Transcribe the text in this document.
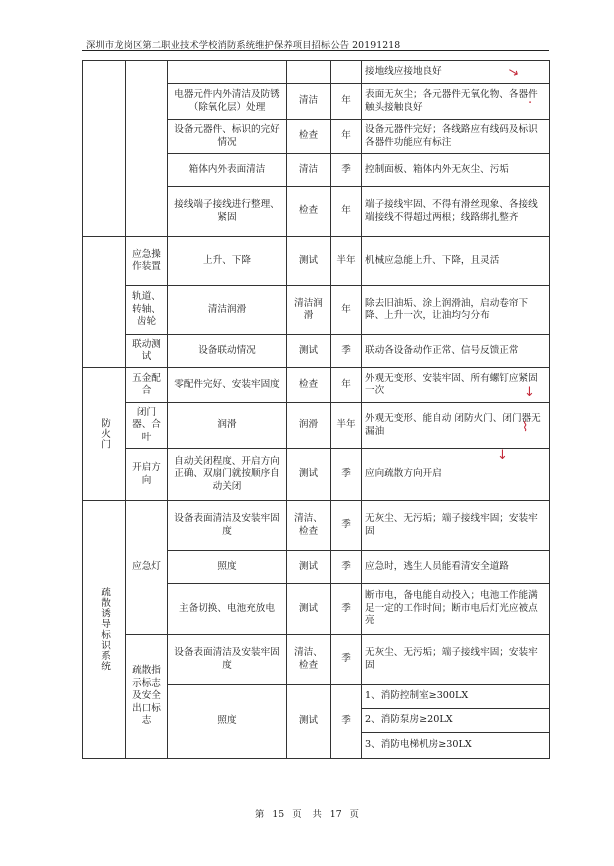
深圳市龙岗区第二职业技术学校消防系统维护保养项目招标公告 20191218
					接地线应接地良好
		电器元件内外清洁及防锈（除氧化层）处理	清洁	年	表面无灰尘；各元器件无氧化物、各器件触头接触良好
		设备元器件、标识的完好情况	检查	年	设备元器件完好；各线路应有线码及标识 各器件功能应有标注
		箱体内外表面清洁	清洁	季	控制面板、箱体内外无灰尘、污垢
		接线端子接线进行整理、紧固	检查	年	端子接线牢固、不得有滑丝现象、各接线端接线不得超过两根；线路绑扎整齐
	应急操作装置	上升、下降	测试	半年	机械应急能上升、下降，且灵活
	轨道、转轴、齿轮	清洁润滑	清洁润滑	年	除去旧油垢、涂上润滑油，启动卷帘下降、上升一次，让油均匀分布
	联动测试	设备联动情况	测试	季	联动各设备动作正常、信号反馈正常

防火门	五金配合	零配件完好、安装牢固度	检查	年	外观无变形、安装牢固、所有螺钉应紧固一次
	闭门器、合叶	润滑	润滑	半年	外观无变形、能自动 闭防火门、闭门器无漏油
	开启方向	自动关闭程度、开启方向正确、双扇门就按顺序自动关闭	测试	季	应向疏散方向开启

疏散诱导标识系统	应急灯	设备表面清洁及安装牢固度	清洁、检查	季	无灰尘、无污垢；端子接线牢固；安装牢固
		照度	测试	季	应急时，逃生人员能看清安全道路
		主备切换、电池充放电	测试	季	断市电，备电能自动投入；电池工作能满足一定的工作时间；断市电后灯光应被点亮
	疏散指示标志及安全出口标志	设备表面清洁及安装牢固度	清洁、检查	季	无灰尘、无污垢；端子接线牢固；安装牢固
		照度	测试	季	1、消防控制室≥300LX
					2、消防泵房≥20LX
					3、消防电梯机房≥30LX
↘
·
↓
⌇
↓
第 15 页 共 17 页
